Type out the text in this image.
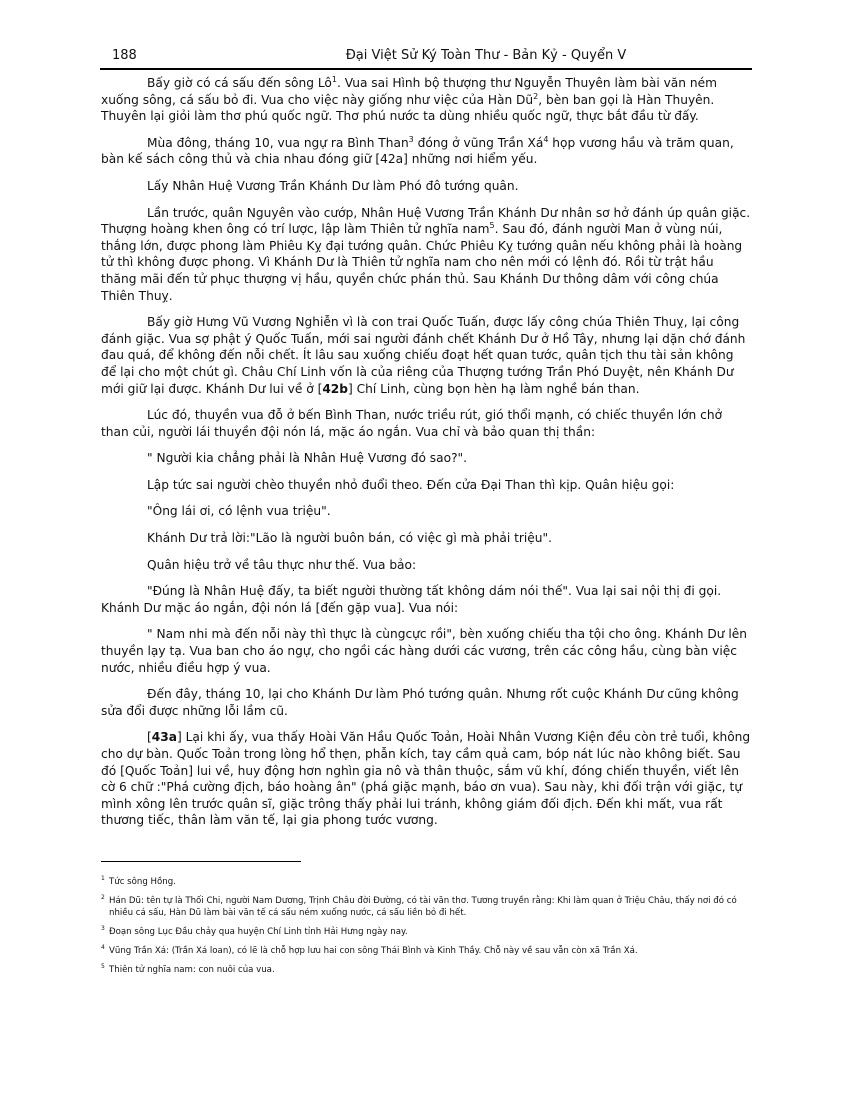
188	Đại Việt Sử Ký Toàn Thư - Bản Kỷ - Quyển V

Bấy giờ có cá sấu đến sông $Lô^1$. Vua sai Hình bộ thượng thư Nguyễn Thuyên làm bài văn ném xuống sông, cá sấu bỏ đi. Vua cho việc này giống như việc của Hàn $Dũ^2$, bèn ban gọi là Hàn Thuyên. Thuyên lại giỏi làm thơ phú quốc ngữ. Thơ phú nước ta dùng nhiều quốc ngữ, thực bắt đầu từ đấy.

Mùa đông, tháng 10, vua ngự ra Bình Than$^3$ đóng ở vũng Trần $Xá^4$ họp vương hầu và trăm quan, bàn kế sách công thủ và chia nhau đóng giữ [42a] những nơi hiểm yếu.

Lấy Nhân Huệ Vương Trần Khánh Dư làm Phó đô tướng quân.

Lần trước, quân Nguyên vào cướp, Nhân Huệ Vương Trần Khánh Dư nhân sơ hở đánh úp quân giặc. Thượng hoàng khen ông có trí lược, lập làm Thiên tử nghĩa nam$^5$. Sau đó, đánh người Man ở vùng núi, thắng lớn, được phong làm Phiêu Kỵ đại tướng quân. Chức Phiêu Kỵ tướng quân nếu không phải là hoàng tử thì không được phong. Vì Khánh Dư là Thiên tử nghĩa nam cho nên mới có lệnh đó. Rồi từ trật hầu thăng mãi đến tử phục thượng vị hầu, quyền chức phán thủ. Sau Khánh Dư thông dâm với công chúa Thiên Thuỵ.

Bấy giờ Hưng Vũ Vương Nghiễn vì là con trai Quốc Tuấn, được lấy công chúa Thiên Thuỵ, lại công đánh giặc. Vua sợ phật ý Quốc Tuấn, mới sai người đánh chết Khánh Dư ở Hồ Tây, nhưng lại dặn chớ đánh đau quá, để không đến nỗi chết. Ít lâu sau xuống chiếu đoạt hết quan tước, quân tịch thu tài sản không để lại cho một chút gì. Châu Chí Linh vốn là của riêng của Thượng tướng Trần Phó Duyệt, nên Khánh Dư mới giữ lại được. Khánh Dư lui về ở [42b] Chí Linh, cùng bọn hèn hạ làm nghề bán than.

Lúc đó, thuyền vua đỗ ở bến Bình Than, nước triều rút, gió thổi mạnh, có chiếc thuyền lớn chở than củi, người lái thuyền đội nón lá, mặc áo ngắn. Vua chỉ và bảo quan thị thần:

" Người kia chẳng phải là Nhân Huệ Vương đó sao?".

Lập tức sai người chèo thuyền nhỏ đuổi theo. Đến cửa Đại Than thì kịp. Quân hiệu gọi:

"Ông lái ơi, có lệnh vua triệu".

Khánh Dư trả lời:"Lão là người buôn bán, có việc gì mà phải triệu".

Quân hiệu trở về tâu thực như thế. Vua bảo:

"Đúng là Nhân Huệ đấy, ta biết người thường tất không dám nói thế". Vua lại sai nội thị đi gọi. Khánh Dư mặc áo ngắn, đội nón lá [đến gặp vua]. Vua nói:

" Nam nhi mà đến nỗi này thì thực là cùngcực rồi", bèn xuống chiếu tha tội cho ông. Khánh Dư lên thuyền lạy tạ. Vua ban cho áo ngự, cho ngồi các hàng dưới các vương, trên các công hầu, cùng bàn việc nước, nhiều điều hợp ý vua.

Đến đây, tháng 10, lại cho Khánh Dư làm Phó tướng quân. Nhưng rốt cuộc Khánh Dư cũng không sửa đổi được những lỗi lầm cũ.

[43a] Lại khi ấy, vua thấy Hoài Văn Hầu Quốc Toản, Hoài Nhân Vương Kiện đều còn trẻ tuổi, không cho dự bàn. Quốc Toản trong lòng hổ thẹn, phẫn kích, tay cầm quả cam, bóp nát lúc nào không biết. Sau đó [Quốc Toản] lui về, huy động hơn nghìn gia nô và thân thuộc, sắm vũ khí, đóng chiến thuyền, viết lên cờ 6 chữ :"Phá cường địch, báo hoàng ân" (phá giặc mạnh, báo ơn vua). Sau này, khi đối trận với giặc, tự mình xông lên trước quân sĩ, giặc trông thấy phải lui tránh, không giám đối địch. Đến khi mất, vua rất thương tiếc, thân làm văn tế, lại gia phong tước vương.

1 Tức sông Hồng.
2 Hán Dũ: tên tự là Thối Chi, người Nam Dương, Trịnh Châu đời Đường, có tài văn thơ. Tương truyền rằng: Khi làm quan ở Triệu Châu, thấy nơi đó có nhiều cá sấu, Hàn Dũ làm bài văn tế cá sấu ném xuống nước, cá sấu liền bỏ đi hết.
3 Đoạn sông Lục Đầu chảy qua huyện Chí Linh tỉnh Hải Hưng ngày nay.
4 Vũng Trần Xá: (Trần Xá loan), có lẽ là chỗ hợp lưu hai con sông Thái Bình và Kinh Thầy. Chỗ này về sau vẫn còn xã Trần Xá.
5 Thiên tử nghĩa nam: con nuôi của vua.
